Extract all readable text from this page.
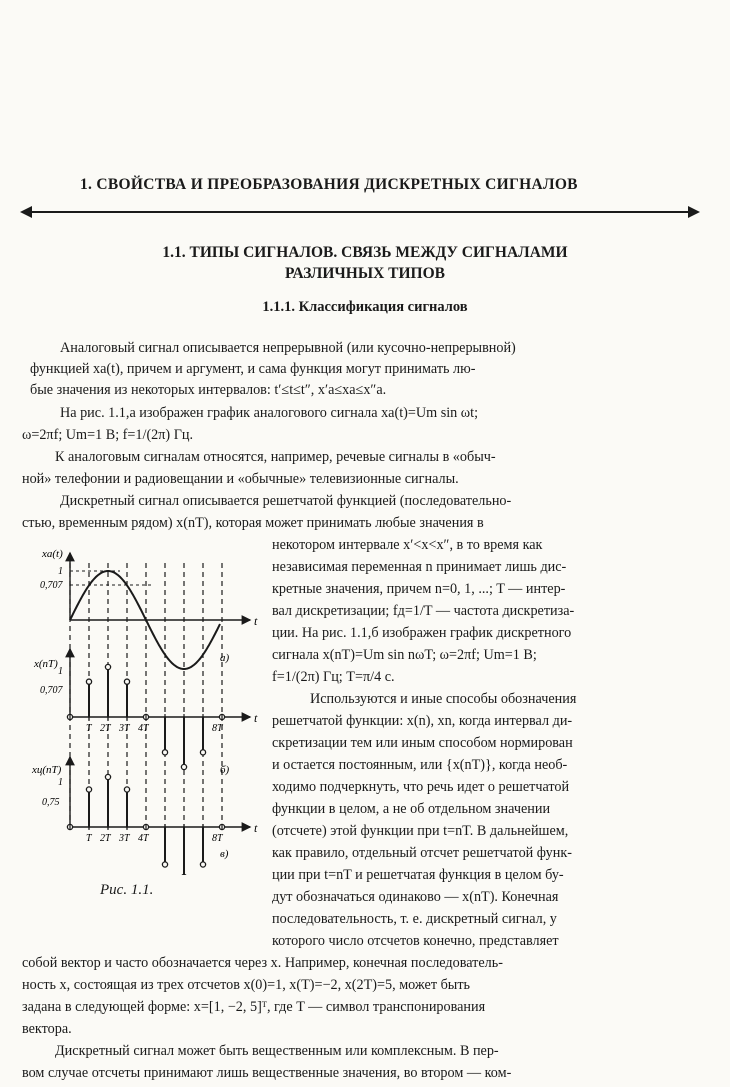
1. СВОЙСТВА И ПРЕОБРАЗОВАНИЯ ДИСКРЕТНЫХ СИГНАЛОВ
1.1. ТИПЫ СИГНАЛОВ. СВЯЗЬ МЕЖДУ СИГНАЛАМИ
РАЗЛИЧНЫХ ТИПОВ
1.1.1. Классификация сигналов
Аналоговый сигнал описывается непрерывной (или кусочно-непрерывной)
функцией xa(t), причем и аргумент, и сама функция могут принимать лю-
бые значения из некоторых интервалов: t′≤t≤t″, x′a≤xa≤x″a.
На рис. 1.1,а изображен график аналогового сигнала xa(t)=Um sin ωt;
ω=2πf; Um=1 B; f=1/(2π) Гц.
К аналоговым сигналам относятся, например, речевые сигналы в «обыч-
ной» телефонии и радиовещании и «обычные» телевизионные сигналы.
Дискретный сигнал описывается решетчатой функцией (последовательно-
стью, временным рядом) x(nT), которая может принимать любые значения в
некотором интервале x′<x<x″, в то время как
независимая переменная n принимает лишь дис-
кретные значения, причем n=0, 1, ...; T — интер-
вал дискретизации; fд=1/T — частота дискретиза-
ции. На рис. 1.1,б изображен график дискретного
сигнала x(nT)=Um sin nωT; ω=2πf; Um=1 B;
f=1/(2π) Гц; T=π/4 c.
Используются и иные способы обозначения
решетчатой функции: x(n), xn, когда интервал ди-
скретизации тем или иным способом нормирован
и остается постоянным, или {x(nT)}, когда необ-
ходимо подчеркнуть, что речь идет о решетчатой
функции в целом, а не об отдельном значении
(отсчете) этой функции при t=nT. В дальнейшем,
как правило, отдельный отсчет решетчатой функ-
ции при t=nT и решетчатая функция в целом бу-
дут обозначаться одинаково — x(nT). Конечная
последовательность, т. е. дискретный сигнал, у
которого число отсчетов конечно, представляет
собой вектор и часто обозначается через x. Например, конечная последователь-
ность x, состоящая из трех отсчетов x(0)=1, x(T)=−2, x(2T)=5, может быть
задана в следующей форме: x=[1, −2, 5]ᵀ, где T — символ транспонирования
вектора.
Дискретный сигнал может быть вещественным или комплексным. В пер-
вом случае отсчеты принимают лишь вещественные значения, во втором — ком-
xa(t)
1
0,707
t
а)
x(nT)
1
0,707
t
T 2T 3T 4T	8T
б)
xц(nT)
1
0,75
t
T 2T 3T 4T	8T
в)
Рис. 1.1.
